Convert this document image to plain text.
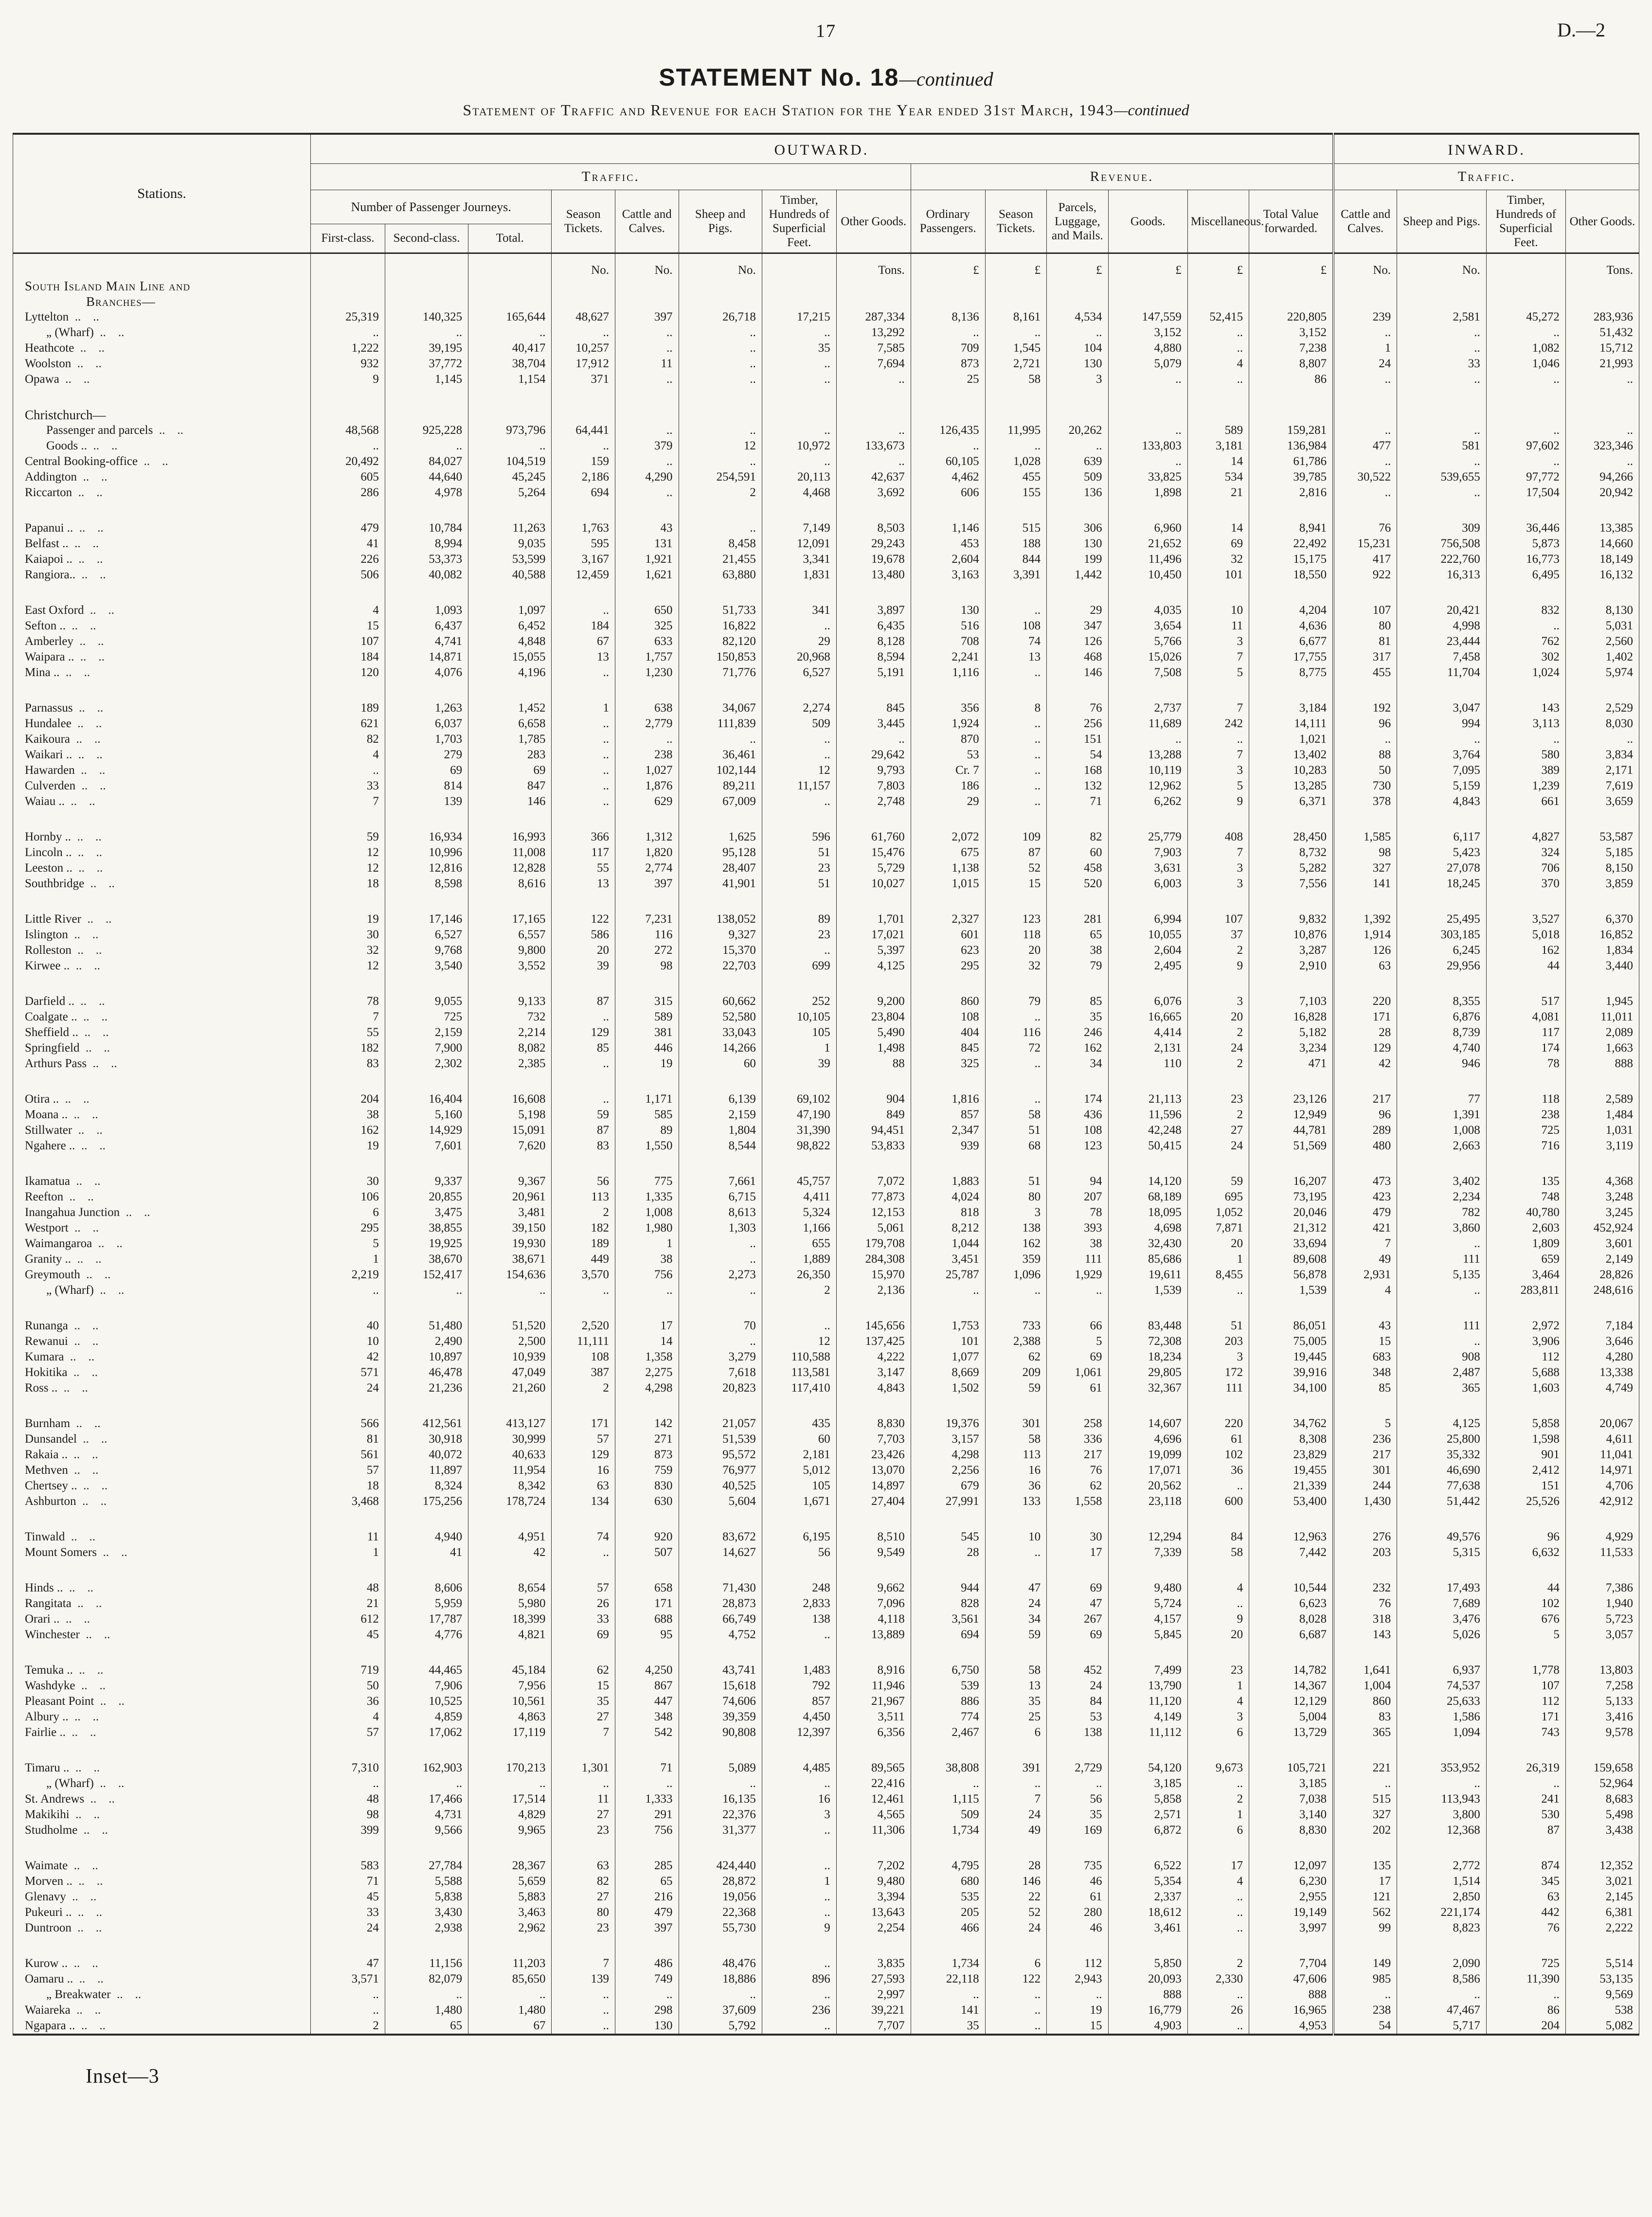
17	D.—2
STATEMENT No. 18—continued
Statement of Traffic and Revenue for each Station for the Year ended 31st March, 1943—continued
Stations.	OUTWARD.														INWARD.			
	Traffic.								Revenue.						Traffic.			
	Number of Passenger Journeys.			Season Tickets.	Cattle and Calves.	Sheep and Pigs.	Timber, Hundreds of Superficial Feet.	Other Goods.	Ordinary Passengers.	Season Tickets.	Parcels, Luggage, and Mails.	Goods.	Miscellaneous.	Total Value forwarded.	Cattle and Calves.	Sheep and Pigs.	Timber, Hundreds of Superficial Feet.	Other Goods.
	First-class.	Second-class.	Total.															
				No.	No.	No.		Tons.	£	£	£	£	£	£	No.	No.		Tons.
South Island Main Line and																		
Branches—																		
Lyttelton ..  ..	25,319	140,325	165,644	48,627	397	26,718	17,215	287,334	8,136	8,161	4,534	147,559	52,415	220,805	239	2,581	45,272	283,936
„ (Wharf) ..  ..	..	..	..	..	..	..	..	13,292	..	..	..	3,152	..	3,152	..	..	..	51,432
Heathcote ..  ..	1,222	39,195	40,417	10,257	..	..	35	7,585	709	1,545	104	4,880	..	7,238	1	..	1,082	15,712
Woolston ..  ..	932	37,772	38,704	17,912	11	..	..	7,694	873	2,721	130	5,079	4	8,807	24	33	1,046	21,993
Opawa ..  ..	9	1,145	1,154	371	..	..	..	..	25	58	3	..	..	86	..	..	..	..
Christchurch—																		
Passenger and parcels ..  ..	48,568	925,228	973,796	64,441	..	..	..	..	126,435	11,995	20,262	..	589	159,281	..	..	..	..
Goods .. ..  ..	..	..	..	..	379	12	10,972	133,673	..	..	..	133,803	3,181	136,984	477	581	97,602	323,346
Central Booking-office ..  ..	20,492	84,027	104,519	159	..	..	..	..	60,105	1,028	639	..	14	61,786	..	..	..	..
Addington ..  ..	605	44,640	45,245	2,186	4,290	254,591	20,113	42,637	4,462	455	509	33,825	534	39,785	30,522	539,655	97,772	94,266
Riccarton ..  ..	286	4,978	5,264	694	..	2	4,468	3,692	606	155	136	1,898	21	2,816	..	..	17,504	20,942
Papanui .. ..  ..	479	10,784	11,263	1,763	43	..	7,149	8,503	1,146	515	306	6,960	14	8,941	76	309	36,446	13,385
Belfast .. ..  ..	41	8,994	9,035	595	131	8,458	12,091	29,243	453	188	130	21,652	69	22,492	15,231	756,508	5,873	14,660
Kaiapoi .. ..  ..	226	53,373	53,599	3,167	1,921	21,455	3,341	19,678	2,604	844	199	11,496	32	15,175	417	222,760	16,773	18,149
Rangiora.. ..  ..	506	40,082	40,588	12,459	1,621	63,880	1,831	13,480	3,163	3,391	1,442	10,450	101	18,550	922	16,313	6,495	16,132
East Oxford ..  ..	4	1,093	1,097	..	650	51,733	341	3,897	130	..	29	4,035	10	4,204	107	20,421	832	8,130
Sefton .. ..  ..	15	6,437	6,452	184	325	16,822	..	6,435	516	108	347	3,654	11	4,636	80	4,998	..	5,031
Amberley ..  ..	107	4,741	4,848	67	633	82,120	29	8,128	708	74	126	5,766	3	6,677	81	23,444	762	2,560
Waipara .. ..  ..	184	14,871	15,055	13	1,757	150,853	20,968	8,594	2,241	13	468	15,026	7	17,755	317	7,458	302	1,402
Mina .. ..  ..	120	4,076	4,196	..	1,230	71,776	6,527	5,191	1,116	..	146	7,508	5	8,775	455	11,704	1,024	5,974
Parnassus ..  ..	189	1,263	1,452	1	638	34,067	2,274	845	356	8	76	2,737	7	3,184	192	3,047	143	2,529
Hundalee ..  ..	621	6,037	6,658	..	2,779	111,839	509	3,445	1,924	..	256	11,689	242	14,111	96	994	3,113	8,030
Kaikoura ..  ..	82	1,703	1,785	..	..	..	..	..	870	..	151	..	..	1,021	..	..	..	..
Waikari .. ..  ..	4	279	283	..	238	36,461	..	29,642	53	..	54	13,288	7	13,402	88	3,764	580	3,834
Hawarden ..  ..	..	69	69	..	1,027	102,144	12	9,793	Cr. 7	..	168	10,119	3	10,283	50	7,095	389	2,171
Culverden ..  ..	33	814	847	..	1,876	89,211	11,157	7,803	186	..	132	12,962	5	13,285	730	5,159	1,239	7,619
Waiau .. ..  ..	7	139	146	..	629	67,009	..	2,748	29	..	71	6,262	9	6,371	378	4,843	661	3,659
Hornby .. ..  ..	59	16,934	16,993	366	1,312	1,625	596	61,760	2,072	109	82	25,779	408	28,450	1,585	6,117	4,827	53,587
Lincoln .. ..  ..	12	10,996	11,008	117	1,820	95,128	51	15,476	675	87	60	7,903	7	8,732	98	5,423	324	5,185
Leeston .. ..  ..	12	12,816	12,828	55	2,774	28,407	23	5,729	1,138	52	458	3,631	3	5,282	327	27,078	706	8,150
Southbridge ..  ..	18	8,598	8,616	13	397	41,901	51	10,027	1,015	15	520	6,003	3	7,556	141	18,245	370	3,859
Little River ..  ..	19	17,146	17,165	122	7,231	138,052	89	1,701	2,327	123	281	6,994	107	9,832	1,392	25,495	3,527	6,370
Islington ..  ..	30	6,527	6,557	586	116	9,327	23	17,021	601	118	65	10,055	37	10,876	1,914	303,185	5,018	16,852
Rolleston ..  ..	32	9,768	9,800	20	272	15,370	..	5,397	623	20	38	2,604	2	3,287	126	6,245	162	1,834
Kirwee .. ..  ..	12	3,540	3,552	39	98	22,703	699	4,125	295	32	79	2,495	9	2,910	63	29,956	44	3,440
Darfield .. ..  ..	78	9,055	9,133	87	315	60,662	252	9,200	860	79	85	6,076	3	7,103	220	8,355	517	1,945
Coalgate .. ..  ..	7	725	732	..	589	52,580	10,105	23,804	108	..	35	16,665	20	16,828	171	6,876	4,081	11,011
Sheffield .. ..  ..	55	2,159	2,214	129	381	33,043	105	5,490	404	116	246	4,414	2	5,182	28	8,739	117	2,089
Springfield ..  ..	182	7,900	8,082	85	446	14,266	1	1,498	845	72	162	2,131	24	3,234	129	4,740	174	1,663
Arthurs Pass ..  ..	83	2,302	2,385	..	19	60	39	88	325	..	34	110	2	471	42	946	78	888
Otira .. ..  ..	204	16,404	16,608	..	1,171	6,139	69,102	904	1,816	..	174	21,113	23	23,126	217	77	118	2,589
Moana .. ..  ..	38	5,160	5,198	59	585	2,159	47,190	849	857	58	436	11,596	2	12,949	96	1,391	238	1,484
Stillwater ..  ..	162	14,929	15,091	87	89	1,804	31,390	94,451	2,347	51	108	42,248	27	44,781	289	1,008	725	1,031
Ngahere .. ..  ..	19	7,601	7,620	83	1,550	8,544	98,822	53,833	939	68	123	50,415	24	51,569	480	2,663	716	3,119
Ikamatua ..  ..	30	9,337	9,367	56	775	7,661	45,757	7,072	1,883	51	94	14,120	59	16,207	473	3,402	135	4,368
Reefton ..  ..	106	20,855	20,961	113	1,335	6,715	4,411	77,873	4,024	80	207	68,189	695	73,195	423	2,234	748	3,248
Inangahua Junction ..  ..	6	3,475	3,481	2	1,008	8,613	5,324	12,153	818	3	78	18,095	1,052	20,046	479	782	40,780	3,245
Westport ..  ..	295	38,855	39,150	182	1,980	1,303	1,166	5,061	8,212	138	393	4,698	7,871	21,312	421	3,860	2,603	452,924
Waimangaroa ..  ..	5	19,925	19,930	189	1	..	655	179,708	1,044	162	38	32,430	20	33,694	7	..	1,809	3,601
Granity .. ..  ..	1	38,670	38,671	449	38	..	1,889	284,308	3,451	359	111	85,686	1	89,608	49	111	659	2,149
Greymouth ..  ..	2,219	152,417	154,636	3,570	756	2,273	26,350	15,970	25,787	1,096	1,929	19,611	8,455	56,878	2,931	5,135	3,464	28,826
„ (Wharf) ..  ..	..	..	..	..	..	..	2	2,136	..	..	..	1,539	..	1,539	4	..	283,811	248,616
Runanga ..  ..	40	51,480	51,520	2,520	17	70	..	145,656	1,753	733	66	83,448	51	86,051	43	111	2,972	7,184
Rewanui ..  ..	10	2,490	2,500	11,111	14	..	12	137,425	101	2,388	5	72,308	203	75,005	15	..	3,906	3,646
Kumara ..  ..	42	10,897	10,939	108	1,358	3,279	110,588	4,222	1,077	62	69	18,234	3	19,445	683	908	112	4,280
Hokitika ..  ..	571	46,478	47,049	387	2,275	7,618	113,581	3,147	8,669	209	1,061	29,805	172	39,916	348	2,487	5,688	13,338
Ross .. ..  ..	24	21,236	21,260	2	4,298	20,823	117,410	4,843	1,502	59	61	32,367	111	34,100	85	365	1,603	4,749
Burnham ..  ..	566	412,561	413,127	171	142	21,057	435	8,830	19,376	301	258	14,607	220	34,762	5	4,125	5,858	20,067
Dunsandel ..  ..	81	30,918	30,999	57	271	51,539	60	7,703	3,157	58	336	4,696	61	8,308	236	25,800	1,598	4,611
Rakaia .. ..  ..	561	40,072	40,633	129	873	95,572	2,181	23,426	4,298	113	217	19,099	102	23,829	217	35,332	901	11,041
Methven ..  ..	57	11,897	11,954	16	759	76,977	5,012	13,070	2,256	16	76	17,071	36	19,455	301	46,690	2,412	14,971
Chertsey .. ..  ..	18	8,324	8,342	63	830	40,525	105	14,897	679	36	62	20,562	..	21,339	244	77,638	151	4,706
Ashburton ..  ..	3,468	175,256	178,724	134	630	5,604	1,671	27,404	27,991	133	1,558	23,118	600	53,400	1,430	51,442	25,526	42,912
Tinwald ..  ..	11	4,940	4,951	74	920	83,672	6,195	8,510	545	10	30	12,294	84	12,963	276	49,576	96	4,929
Mount Somers ..  ..	1	41	42	..	507	14,627	56	9,549	28	..	17	7,339	58	7,442	203	5,315	6,632	11,533
Hinds .. ..  ..	48	8,606	8,654	57	658	71,430	248	9,662	944	47	69	9,480	4	10,544	232	17,493	44	7,386
Rangitata ..  ..	21	5,959	5,980	26	171	28,873	2,833	7,096	828	24	47	5,724	..	6,623	76	7,689	102	1,940
Orari .. ..  ..	612	17,787	18,399	33	688	66,749	138	4,118	3,561	34	267	4,157	9	8,028	318	3,476	676	5,723
Winchester ..  ..	45	4,776	4,821	69	95	4,752	..	13,889	694	59	69	5,845	20	6,687	143	5,026	5	3,057
Temuka .. ..  ..	719	44,465	45,184	62	4,250	43,741	1,483	8,916	6,750	58	452	7,499	23	14,782	1,641	6,937	1,778	13,803
Washdyke ..  ..	50	7,906	7,956	15	867	15,618	792	11,946	539	13	24	13,790	1	14,367	1,004	74,537	107	7,258
Pleasant Point ..  ..	36	10,525	10,561	35	447	74,606	857	21,967	886	35	84	11,120	4	12,129	860	25,633	112	5,133
Albury .. ..  ..	4	4,859	4,863	27	348	39,359	4,450	3,511	774	25	53	4,149	3	5,004	83	1,586	171	3,416
Fairlie .. ..  ..	57	17,062	17,119	7	542	90,808	12,397	6,356	2,467	6	138	11,112	6	13,729	365	1,094	743	9,578
Timaru .. ..  ..	7,310	162,903	170,213	1,301	71	5,089	4,485	89,565	38,808	391	2,729	54,120	9,673	105,721	221	353,952	26,319	159,658
„ (Wharf) ..  ..	..	..	..	..	..	..	..	22,416	..	..	..	3,185	..	3,185	..	..	..	52,964
St. Andrews ..  ..	48	17,466	17,514	11	1,333	16,135	16	12,461	1,115	7	56	5,858	2	7,038	515	113,943	241	8,683
Makikihi ..  ..	98	4,731	4,829	27	291	22,376	3	4,565	509	24	35	2,571	1	3,140	327	3,800	530	5,498
Studholme ..  ..	399	9,566	9,965	23	756	31,377	..	11,306	1,734	49	169	6,872	6	8,830	202	12,368	87	3,438
Waimate ..  ..	583	27,784	28,367	63	285	424,440	..	7,202	4,795	28	735	6,522	17	12,097	135	2,772	874	12,352
Morven .. ..  ..	71	5,588	5,659	82	65	28,872	1	9,480	680	146	46	5,354	4	6,230	17	1,514	345	3,021
Glenavy ..  ..	45	5,838	5,883	27	216	19,056	..	3,394	535	22	61	2,337	..	2,955	121	2,850	63	2,145
Pukeuri .. ..  ..	33	3,430	3,463	80	479	22,368	..	13,643	205	52	280	18,612	..	19,149	562	221,174	442	6,381
Duntroon ..  ..	24	2,938	2,962	23	397	55,730	9	2,254	466	24	46	3,461	..	3,997	99	8,823	76	2,222
Kurow .. ..  ..	47	11,156	11,203	7	486	48,476	..	3,835	1,734	6	112	5,850	2	7,704	149	2,090	725	5,514
Oamaru .. ..  ..	3,571	82,079	85,650	139	749	18,886	896	27,593	22,118	122	2,943	20,093	2,330	47,606	985	8,586	11,390	53,135
„ Breakwater ..  ..	..	..	..	..	..	..	..	2,997	..	..	..	888	..	888	..	..	..	9,569
Waiareka ..  ..	..	1,480	1,480	..	298	37,609	236	39,221	141	..	19	16,779	26	16,965	238	47,467	86	538
Ngapara .. ..  ..	2	65	67	..	130	5,792	..	7,707	35	..	15	4,903	..	4,953	54	5,717	204	5,082
Inset—3
